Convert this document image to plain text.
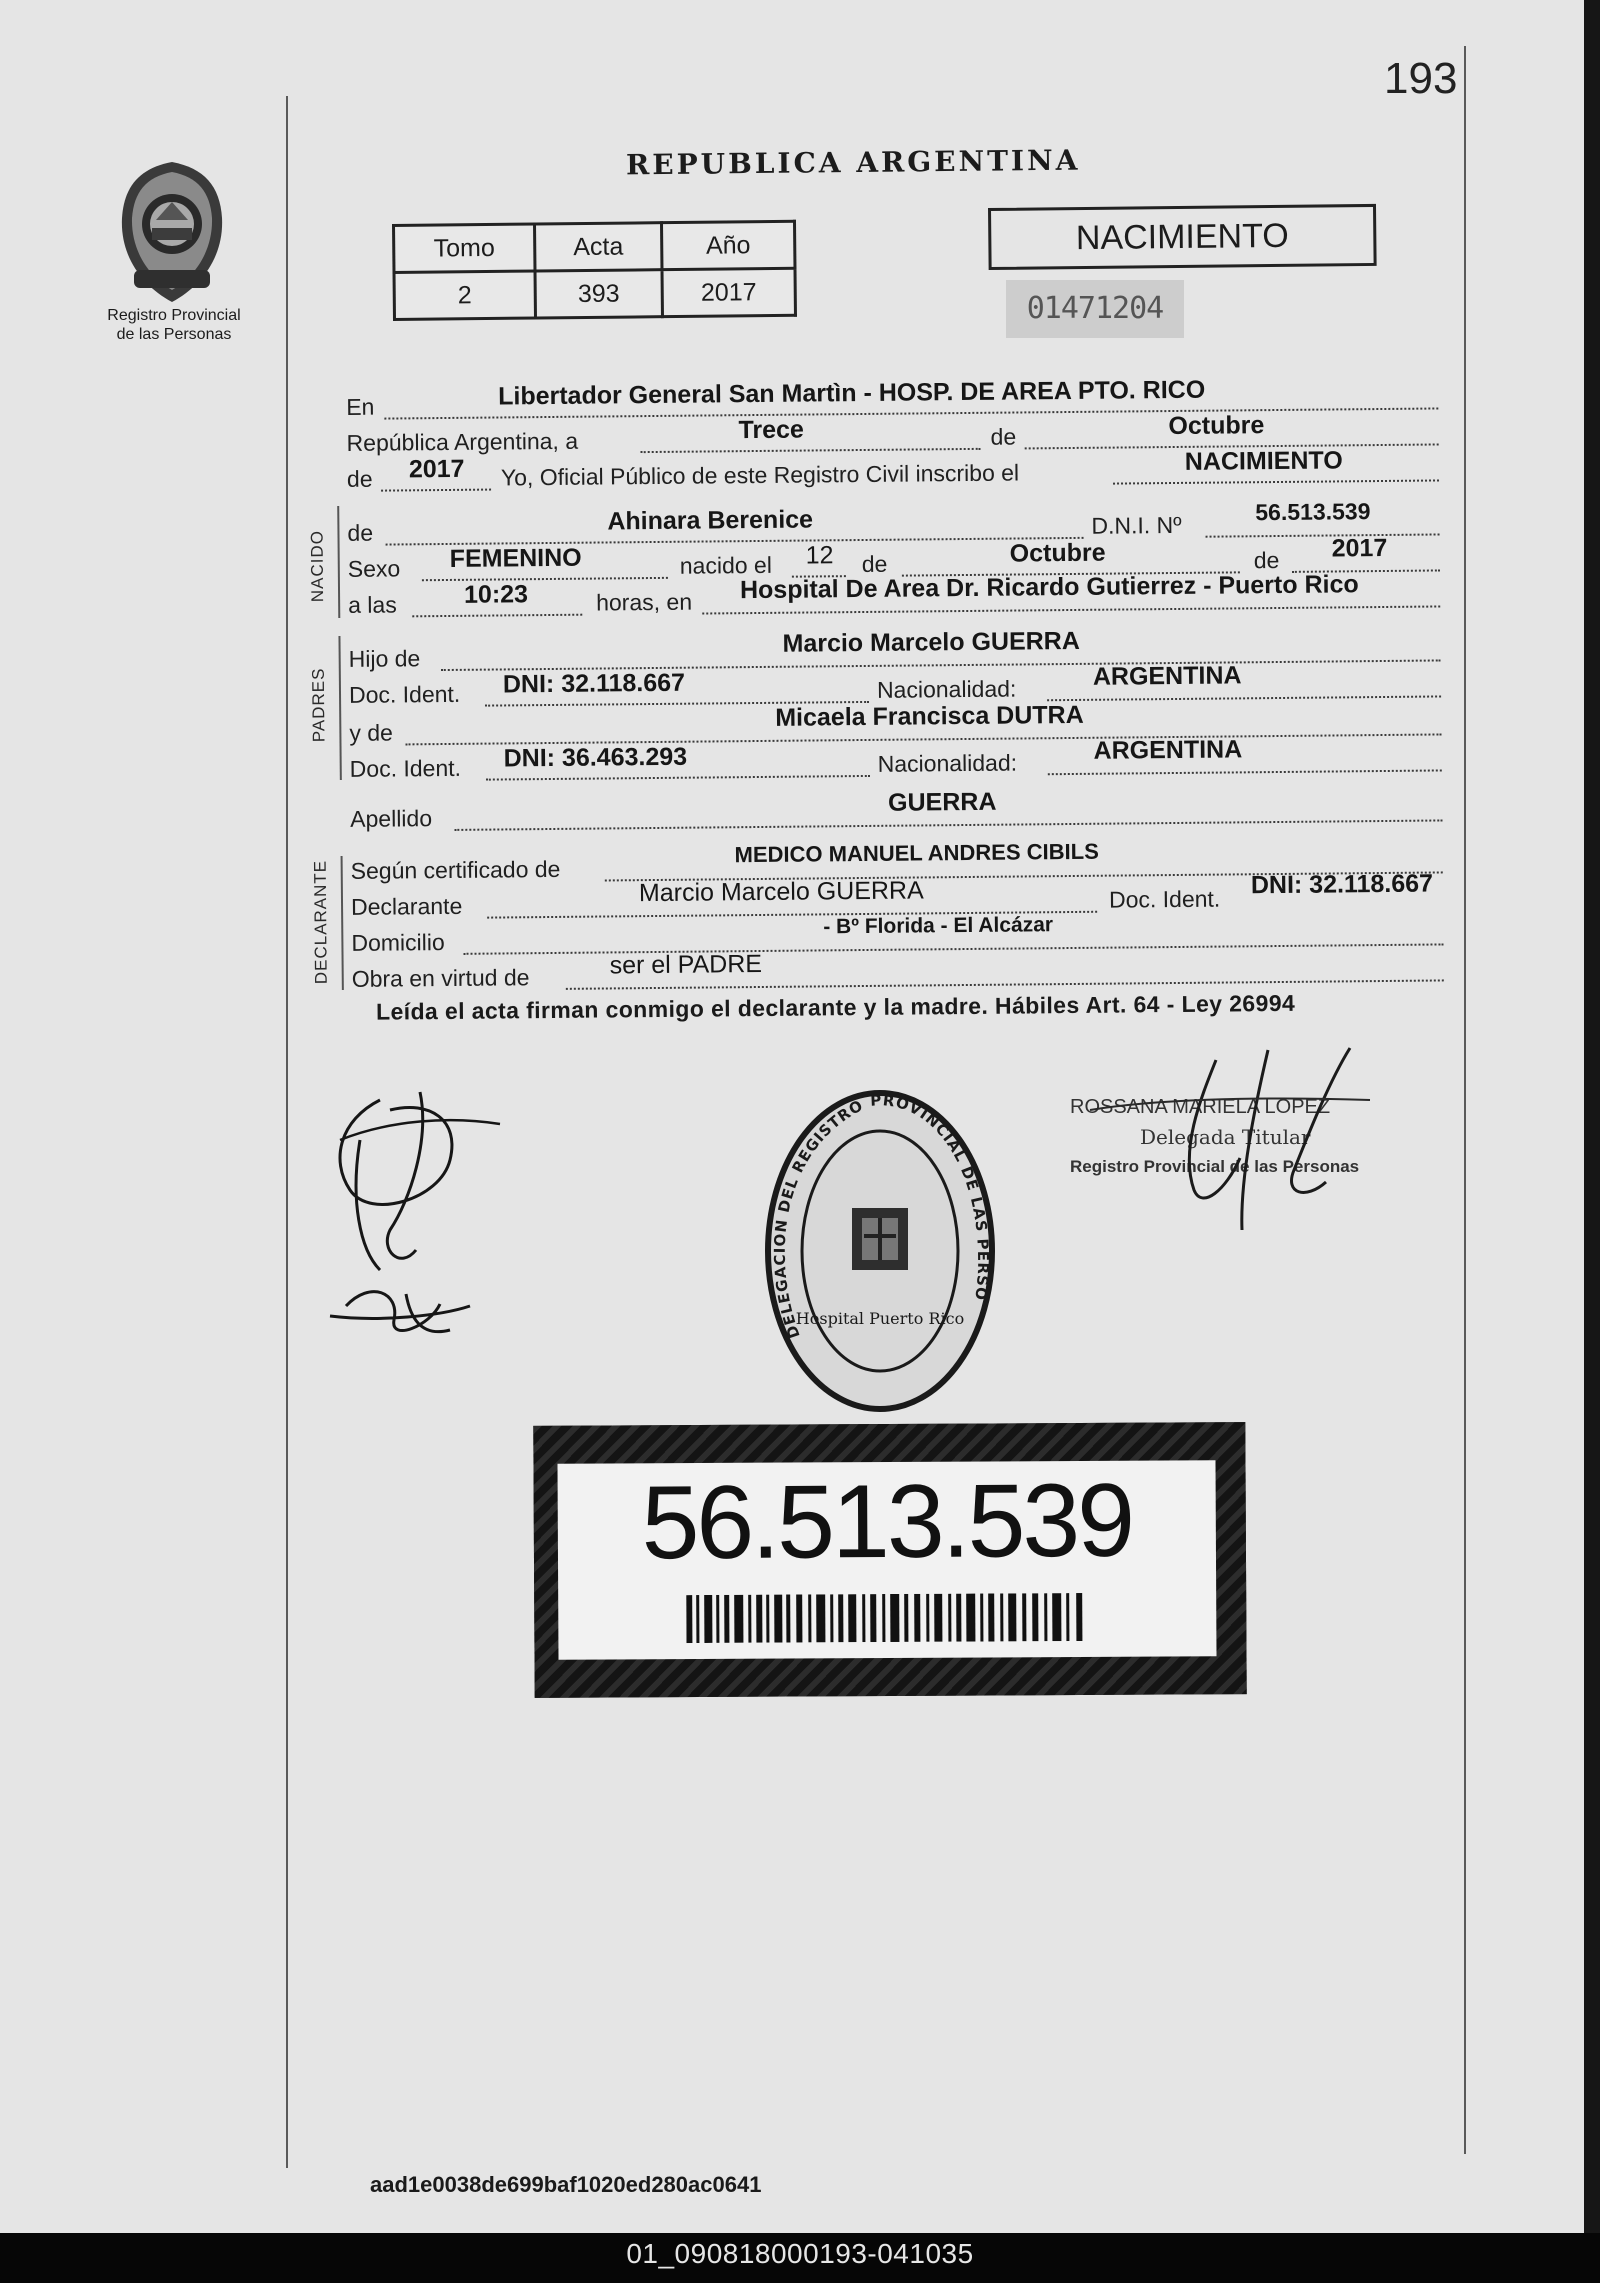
193
Registro Provincial
de las Personas
REPUBLICA ARGENTINA
Tomo	Acta	Año
2	393	2017
NACIMIENTO
01471204
En	Libertador General San Martìn - HOSP. DE AREA PTO. RICO
República Argentina, a	Trece	de	Octubre
de 2017 Yo, Oficial Público de este Registro Civil inscribo el	NACIMIENTO
NACIDO de	Ahinara Berenice	D.N.I. Nº
56.513.539
Sexo FEMENINO	nacido el 12 de	Octubre	de 2017
a las	10:23	horas, en Hospital De Area Dr. Ricardo Gutierrez - Puerto Rico
PADRES
Hijo de
Marcio Marcelo GUERRA
Doc. Ident. DNI: 32.118.667	Nacionalidad:	ARGENTINA
y de
Micaela Francisca DUTRA
Doc. Ident. DNI: 36.463.293	Nacionalidad:	ARGENTINA
Apellido
GUERRA
DECLARANTE Según certificado de
MEDICO MANUEL ANDRES CIBILS
Declarante	Marcio Marcelo GUERRA	Doc. Ident. DNI: 32.118.667
Domicilio
- Bº Florida - El Alcázar
Obra en virtud de	ser el PADRE
Leída el acta firman conmigo el declarante y la madre. Hábiles Art. 64 - Ley 26994
ROSSANA MARIELA LOPEZ
Delegada Titular
Registro Provincial de las Personas
DELEGACION DEL REGISTRO PROVINCIAL DE LAS PERSO
Hospital Puerto Rico
56.513.539
aad1e0038de699baf1020ed280ac0641
01_090818000193-041035
